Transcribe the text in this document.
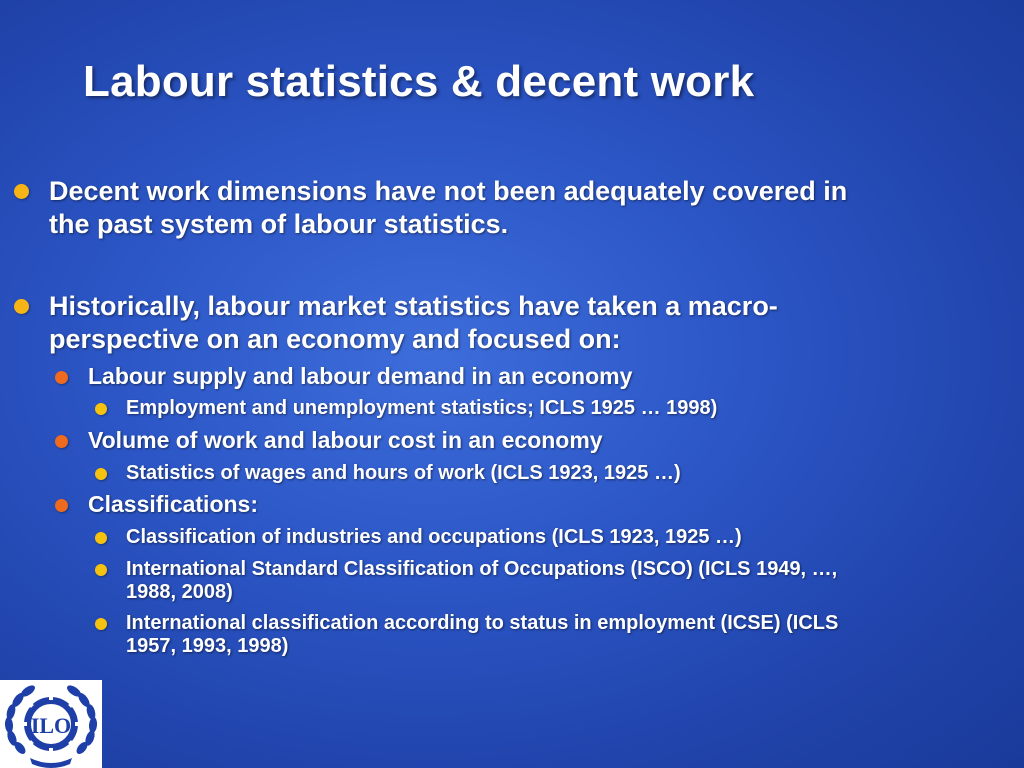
Labour statistics & decent work
Decent work dimensions have not been adequately covered in the past system of labour statistics.
Historically, labour market statistics have taken a macro-perspective on an economy and focused on:
Labour supply and labour demand in an economy
Employment and unemployment statistics; ICLS 1925 … 1998)
Volume of work and labour cost in an economy
Statistics of wages and hours of work (ICLS 1923, 1925 …)
Classifications:
Classification of industries and occupations (ICLS 1923, 1925 …)
International Standard Classification of Occupations (ISCO) (ICLS 1949, …, 1988, 2008)
International classification according to status in employment (ICSE) (ICLS 1957, 1993, 1998)
ILO
